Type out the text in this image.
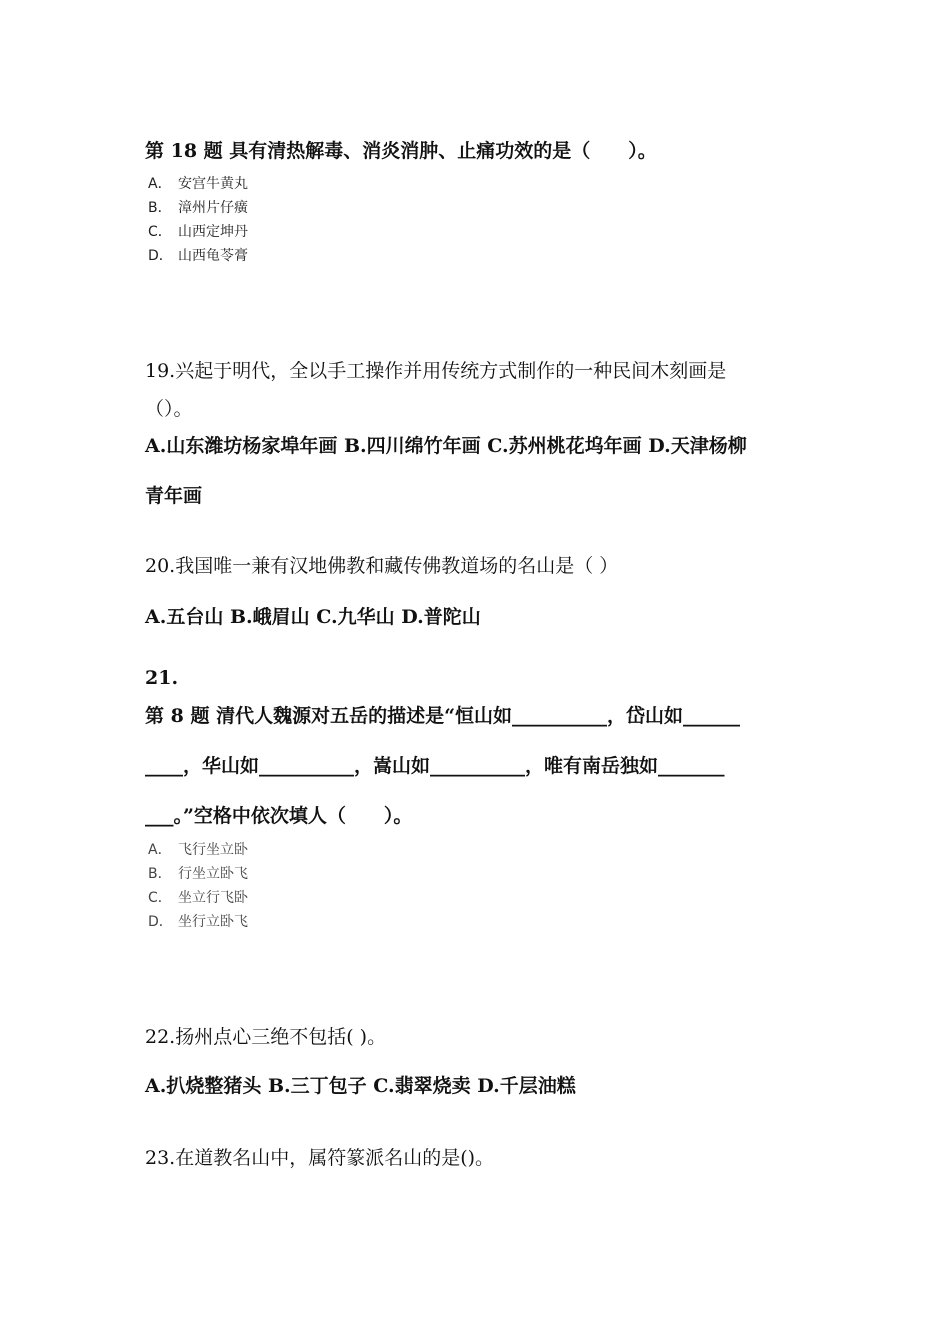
第 18 题 具有清热解毒、消炎消肿、止痛功效的是（　　）。
A． 安宫牛黄丸
B． 漳州片仔癀
C． 山西定坤丹
D． 山西龟苓膏
19.兴起于明代，全以手工操作并用传统方式制作的一种民间木刻画是
（）。
A.山东潍坊杨家埠年画 B.四川绵竹年画 C.苏州桃花坞年画 D.天津杨柳
青年画
20.我国唯一兼有汉地佛教和藏传佛教道场的名山是（ ）
A.五台山 B.峨眉山 C.九华山 D.普陀山
21.
第 8 题 清代人魏源对五岳的描述是“恒山如__________，岱山如______
____，华山如__________，嵩山如__________，唯有南岳独如_______
___。”空格中依次填人（　　）。
A． 飞行坐立卧
B． 行坐立卧飞
C． 坐立行飞卧
D． 坐行立卧飞
22.扬州点心三绝不包括( )。
A.扒烧整猪头 B.三丁包子 C.翡翠烧卖 D.千层油糕
23.在道教名山中，属符篆派名山的是()。
